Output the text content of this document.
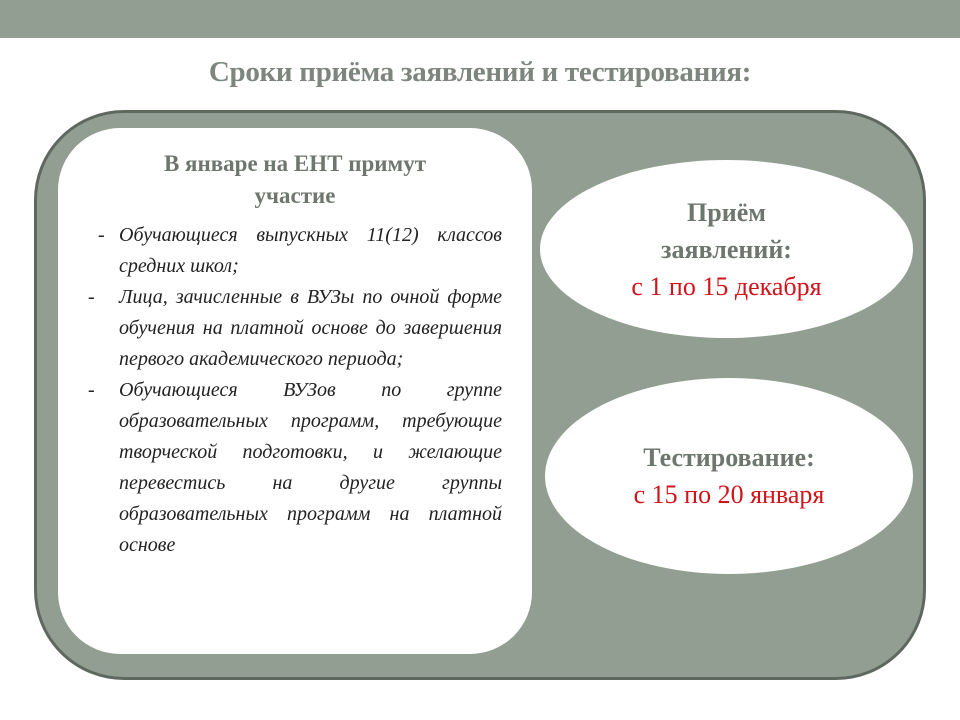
Сроки приёма заявлений и тестирования:
В январе на ЕНТ примут
участие
- Обучающиеся выпускных 11(12) классов средних школ;
- Лица, зачисленные в ВУЗы по очной форме обучения на платной основе до завершения первого академического периода;
- Обучающиеся ВУЗов по группе образовательных программ, требующие творческой подготовки, и желающие перевестись на другие группы образовательных программ на платной основе
Приём
заявлений:
с 1 по 15 декабря
Тестирование:
с 15 по 20 января
